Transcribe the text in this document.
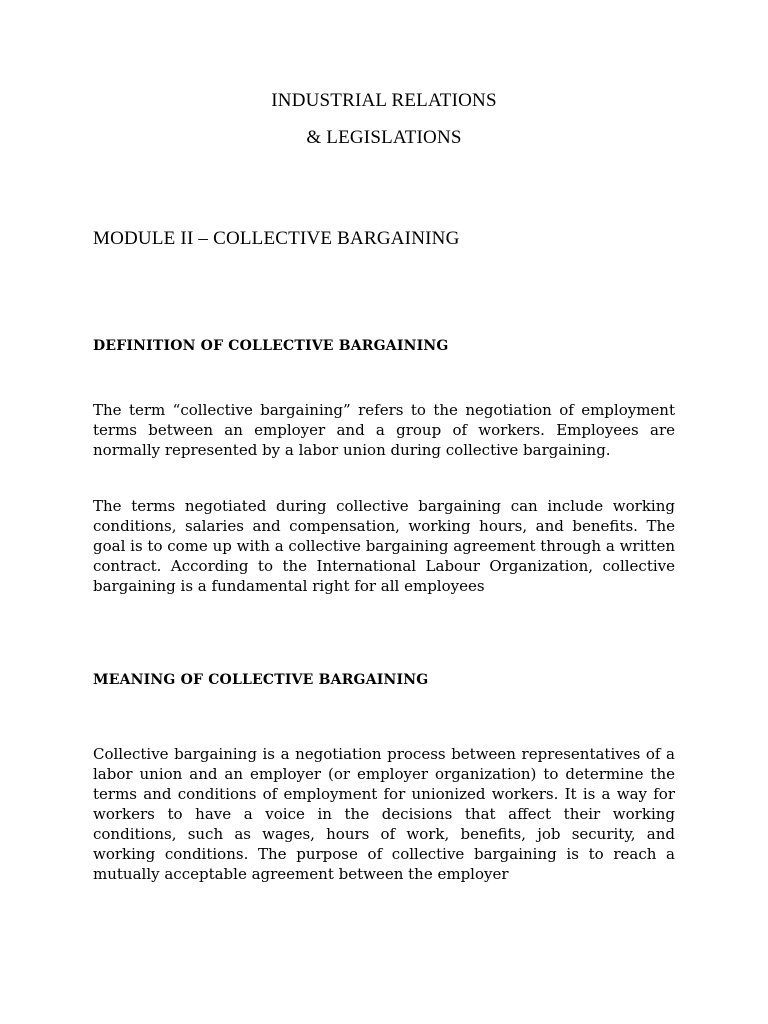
INDUSTRIAL RELATIONS
& LEGISLATIONS
MODULE II – COLLECTIVE BARGAINING
DEFINITION OF COLLECTIVE BARGAINING
The term “collective bargaining” refers to the negotiation of employment terms between an employer and a group of workers. Employees are normally represented by a labor union during collective bargaining.
The terms negotiated during collective bargaining can include working conditions, salaries and compensation, working hours, and benefits. The goal is to come up with a collective bargaining agreement through a written contract. According to the International Labour Organization, collective bargaining is a fundamental right for all employees
MEANING OF COLLECTIVE BARGAINING
Collective bargaining is a negotiation process between representatives of a labor union and an employer (or employer organization) to determine the terms and conditions of employment for unionized workers. It is a way for workers to have a voice in the decisions that affect their working conditions, such as wages, hours of work, benefits, job security, and working conditions. The purpose of collective bargaining is to reach a mutually acceptable agreement between the employer
